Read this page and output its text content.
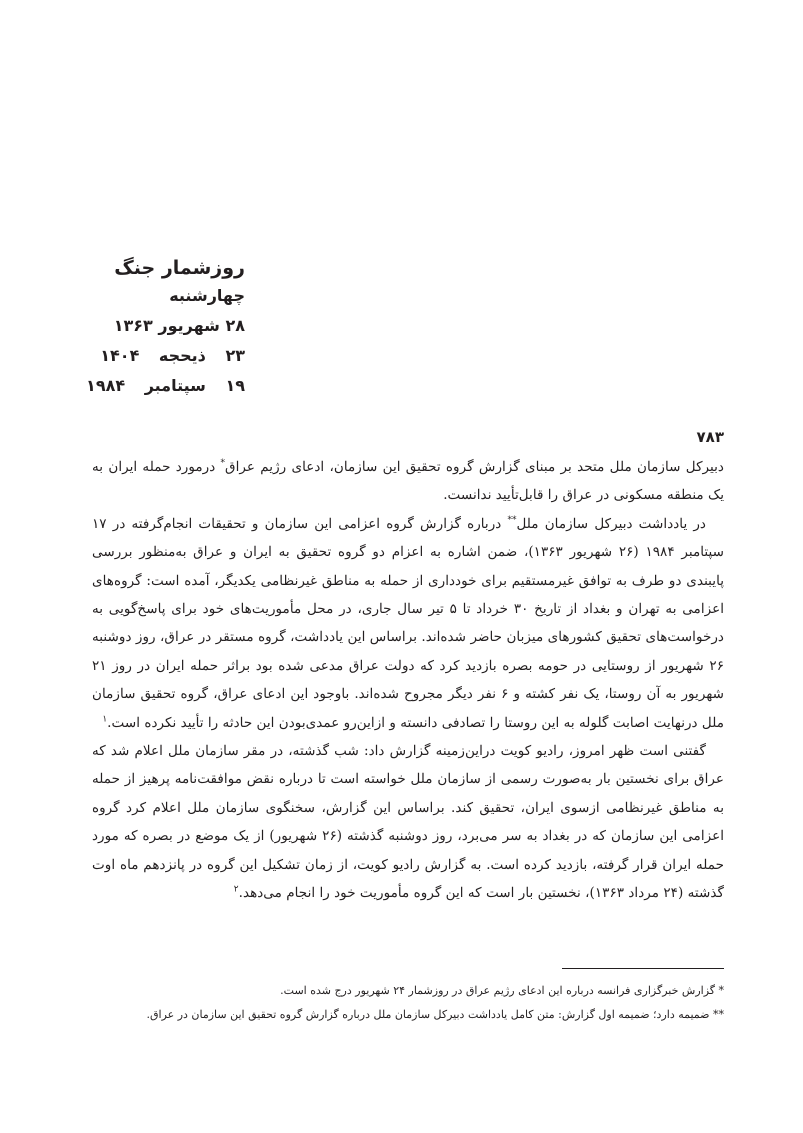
روزشمار جنگ
چهارشنبه
۲۸ شهریور ۱۳۶۳
۲۳ ذیحجه ۱۴۰۴
۱۹ سپتامبر ۱۹۸۴
۷۸۳

دبیرکل سازمان ملل متحد بر مبنای گزارش گروه تحقیق این سازمان، ادعای رژیم عراق* درمورد حمله ایران به یک منطقه مسکونی در عراق را قابل‌تأیید ندانست.

در یادداشت دبیرکل سازمان ملل** درباره گزارش گروه اعزامی این سازمان و تحقیقات انجام‌گرفته در ۱۷ سپتامبر ۱۹۸۴ (۲۶ شهریور ۱۳۶۳)، ضمن اشاره به اعزام دو گروه تحقیق به ایران و عراق به‌منظور بررسی پایبندی دو طرف به توافق غیرمستقیم برای خودداری از حمله به مناطق غیرنظامی یکدیگر، آمده است: گروه‌های اعزامی به تهران و بغداد از تاریخ ۳۰ خرداد تا ۵ تیر سال جاری، در محل مأموریت‌های خود برای پاسخ‌گویی به درخواست‌های تحقیق کشورهای میزبان حاضر شده‌اند. براساس این یادداشت، گروه مستقر در عراق، روز دوشنبه ۲۶ شهریور از روستایی در حومه بصره بازدید کرد که دولت عراق مدعی شده بود براثر حمله ایران در روز ۲۱ شهریور به آن روستا، یک نفر کشته و ۶ نفر دیگر مجروح شده‌اند. باوجود این ادعای عراق، گروه تحقیق سازمان ملل درنهایت اصابت گلوله به این روستا را تصادفی دانسته و ازاین‌رو عمدی‌بودن این حادثه را تأیید نکرده است.$^۱$

گفتنی است ظهر امروز، رادیو کویت دراین‌زمینه گزارش داد: شب گذشته، در مقر سازمان ملل اعلام شد که عراق برای نخستین بار به‌صورت رسمی از سازمان ملل خواسته است تا درباره نقض موافقت‌نامه پرهیز از حمله به مناطق غیرنظامی ازسوی ایران، تحقیق کند. براساس این گزارش، سخنگوی سازمان ملل اعلام کرد گروه اعزامی این سازمان که در بغداد به سر می‌برد، روز دوشنبه گذشته (۲۶ شهریور) از یک موضع در بصره که مورد حمله ایران قرار گرفته، بازدید کرده است. به گزارش رادیو کویت، از زمان تشکیل این گروه در پانزدهم ماه اوت گذشته (۲۴ مرداد ۱۳۶۳)، نخستین بار است که این گروه مأموریت خود را انجام می‌دهد.$^۲$

* گزارش خبرگزاری فرانسه درباره این ادعای رژیم عراق در روزشمار ۲۴ شهریور درج شده است.
** ضمیمه دارد؛ ضمیمه اول گزارش: متن کامل یادداشت دبیرکل سازمان ملل درباره گزارش گروه تحقیق این سازمان در عراق.
